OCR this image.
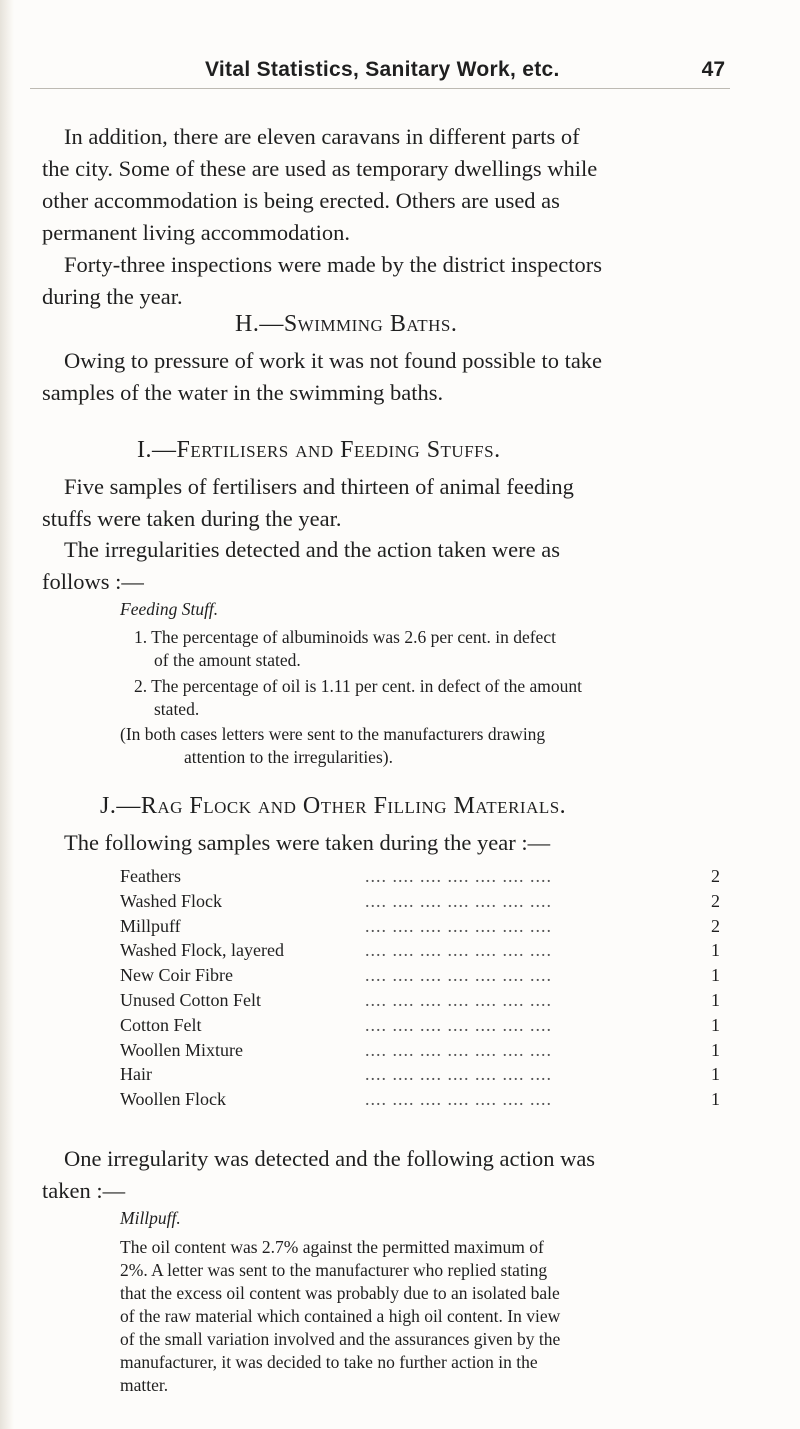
Vital Statistics, Sanitary Work, etc.	47
In addition, there are eleven caravans in different parts of
the city. Some of these are used as temporary dwellings while
other accommodation is being erected. Others are used as
permanent living accommodation.
Forty-three inspections were made by the district inspectors
during the year.
H.—Swimming Baths.
Owing to pressure of work it was not found possible to take
samples of the water in the swimming baths.
I.—Fertilisers and Feeding Stuffs.
Five samples of fertilisers and thirteen of animal feeding
stuffs were taken during the year.
The irregularities detected and the action taken were as
follows :—
Feeding Stuff.
1. The percentage of albuminoids was 2.6 per cent. in defect
of the amount stated.
2. The percentage of oil is 1.11 per cent. in defect of the amount
stated.
(In both cases letters were sent to the manufacturers drawing
attention to the irregularities).
J.—Rag Flock and Other Filling Materials.
The following samples were taken during the year :—
Feathers	.... .... .... .... .... .... ....	2
Washed Flock	.... .... .... .... .... .... ....	2
Millpuff	.... .... .... .... .... .... ....	2
Washed Flock, layered	.... .... .... .... .... .... ....	1
New Coir Fibre	.... .... .... .... .... .... ....	1
Unused Cotton Felt	.... .... .... .... .... .... ....	1
Cotton Felt	.... .... .... .... .... .... ....	1
Woollen Mixture	.... .... .... .... .... .... ....	1
Hair	.... .... .... .... .... .... ....	1
Woollen Flock	.... .... .... .... .... .... ....	1
One irregularity was detected and the following action was
taken :—
Millpuff.
The oil content was 2.7% against the permitted maximum of
2%. A letter was sent to the manufacturer who replied stating
that the excess oil content was probably due to an isolated bale
of the raw material which contained a high oil content. In view
of the small variation involved and the assurances given by the
manufacturer, it was decided to take no further action in the
matter.
